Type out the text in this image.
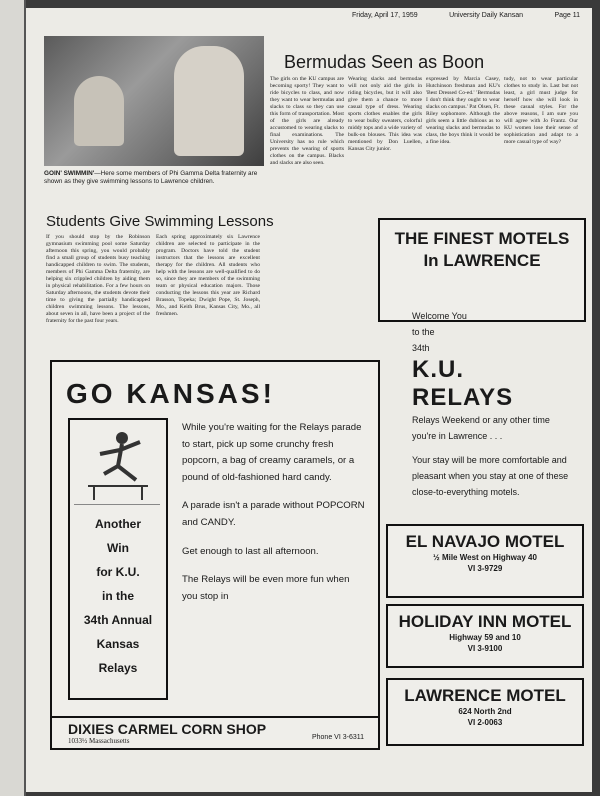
Friday, April 17, 1959	University Daily Kansan	Page 11
GOIN' SWIMMIN'—Here some members of Phi Gamma Delta fraternity are shown as they give swimming lessons to Lawrence children.
Students Give Swimming Lessons
If you should stop by the Robinson gymnasium swimming pool some Saturday afternoon this spring, you would probably find a small group of students busy teaching handicapped children to swim. The students, members of Phi Gamma Delta fraternity, are helping six crippled children by aiding them in physical rehabilitation. For a few hours on Saturday afternoons, the students devote their time to giving the partially handicapped children swimming lessons. The lessons, about seven in all, have been a project of the fraternity for the past four years.
Each spring approximately six Lawrence children are selected to participate in the program. Doctors have told the student instructors that the lessons are excellent therapy for the children. All students who help with the lessons are well-qualified to do so, since they are members of the swimming team or physical education majors. Those conducting the lessons this year are Richard Brasson, Topeka; Dwight Pope, St. Joseph, Mo., and Keith Brus, Kansas City, Mo., all freshmen.
Bermudas Seen as Boon
The girls on the KU campus are becoming sporty! They want to ride bicycles to class, and now they want to wear bermudas and slacks to class so they can use this form of transportation. Most of the girls are already accustomed to wearing slacks to final examinations. The University has no rule which prevents the wearing of sports clothes on the campus. Blacks and slacks are also seen.
Wearing slacks and bermudas will not only aid the girls in riding bicycles, but it will also give them a chance to more casual type of dress. Wearing sports clothes enables the girls to wear bulky sweaters, colorful middy tops and a wide variety of bulk-on blouses. This idea was mentioned by Don Luellen, Kansas City junior.
expressed by Marcia Casey, Hutchinson freshman and KU's 'Best Dressed Co-ed.' 'Bermudas I don't think they ought to wear slacks on campus.' Pat Olsen, Ft. Riley sophomore. Although the girls seem a little dubious as to wearing slacks and bermudas to class, the boys think it would be a fine idea.
tudy, not to wear particular clothes to study in. Last but not least, a girl must judge for herself how she will look in these casual styles. For the above reasons, I am sure you will agree with Jo Frantz. Our KU women lose their sense of sophistication and adapt to a more casual type of way?
GO KANSAS!
Another
Win
for K.U.
in the
34th Annual
Kansas
Relays

While you're waiting for the Relays parade to start, pick up some crunchy fresh popcorn, a bag of creamy caramels, or a pound of old-fashioned hard candy.

A parade isn't a parade without POPCORN and CANDY.

Get enough to last all afternoon.

The Relays will be even more fun when you stop in

DIXIES CARMEL CORN SHOP
1033½ Massachusetts	Phone VI 3-6311
THE FINEST MOTELS
In LAWRENCE
Welcome You
to the
34th
K.U. RELAYS

Relays Weekend or any other time you're in Lawrence . . .

Your stay will be more comfortable and pleasant when you stay at one of these close-to-everything motels.

EL NAVAJO MOTEL
½ Mile West on Highway 40
VI 3-9729
HOLIDAY INN MOTEL
Highway 59 and 10
VI 3-9100
LAWRENCE MOTEL
624 North 2nd
VI 2-0063
